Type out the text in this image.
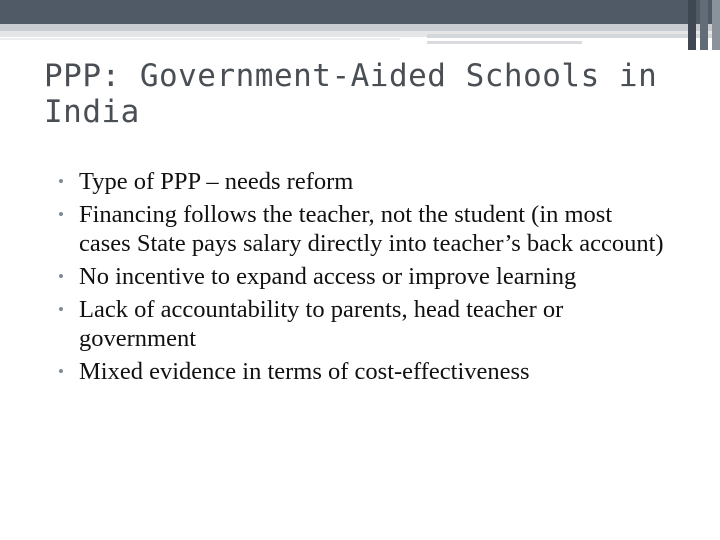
PPP: Government-Aided Schools in India
• Type of PPP – needs reform
• Financing follows the teacher, not the student (in most cases State pays salary directly into teacher’s back account)
• No incentive to expand access or improve learning
• Lack of accountability to parents, head teacher or government
• Mixed evidence in terms of cost-effectiveness
